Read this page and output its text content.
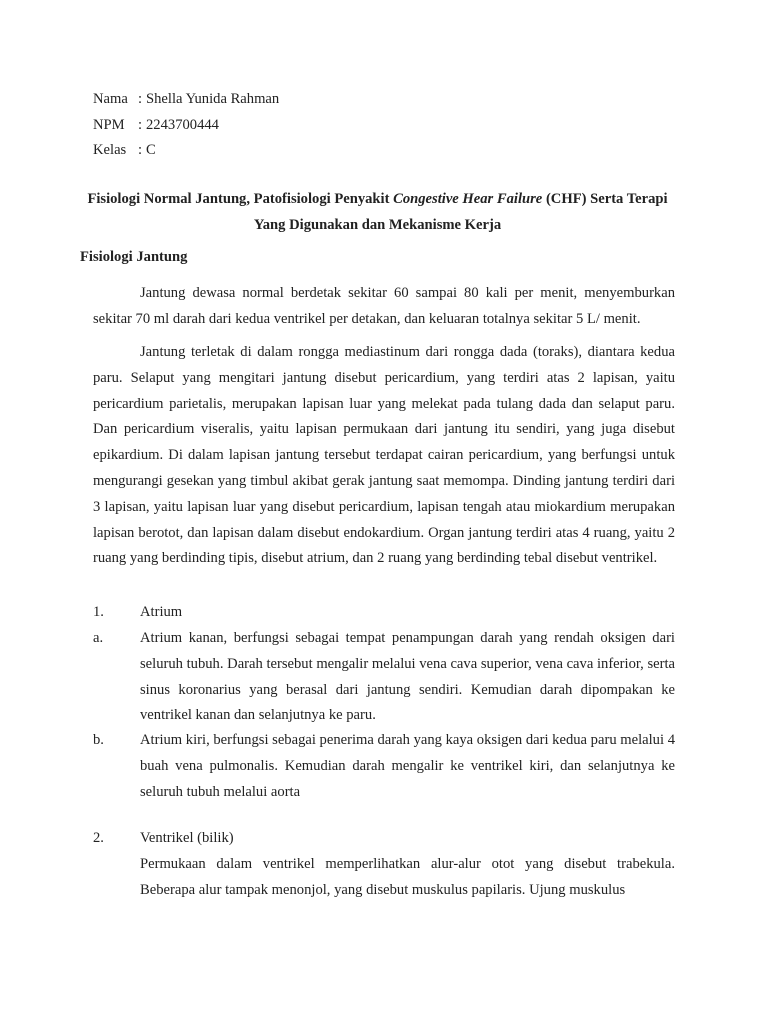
Nama : Shella Yunida Rahman
NPM : 2243700444
Kelas : C
Fisiologi Normal Jantung, Patofisiologi Penyakit Congestive Hear Failure (CHF) Serta Terapi Yang Digunakan dan Mekanisme Kerja
Fisiologi Jantung

Jantung dewasa normal berdetak sekitar 60 sampai 80 kali per menit, menyemburkan sekitar 70 ml darah dari kedua ventrikel per detakan, dan keluaran totalnya sekitar 5 L/ menit.

Jantung terletak di dalam rongga mediastinum dari rongga dada (toraks), diantara kedua paru. Selaput yang mengitari jantung disebut pericardium, yang terdiri atas 2 lapisan, yaitu pericardium parietalis, merupakan lapisan luar yang melekat pada tulang dada dan selaput paru. Dan pericardium viseralis, yaitu lapisan permukaan dari jantung itu sendiri, yang juga disebut epikardium. Di dalam lapisan jantung tersebut terdapat cairan pericardium, yang berfungsi untuk mengurangi gesekan yang timbul akibat gerak jantung saat memompa. Dinding jantung terdiri dari 3 lapisan, yaitu lapisan luar yang disebut pericardium, lapisan tengah atau miokardium merupakan lapisan berotot, dan lapisan dalam disebut endokardium. Organ jantung terdiri atas 4 ruang, yaitu 2 ruang yang berdinding tipis, disebut atrium, dan 2 ruang yang berdinding tebal disebut ventrikel.

1.	Atrium
a.	Atrium kanan, berfungsi sebagai tempat penampungan darah yang rendah oksigen dari seluruh tubuh. Darah tersebut mengalir melalui vena cava superior, vena cava inferior, serta sinus koronarius yang berasal dari jantung sendiri. Kemudian darah dipompakan ke ventrikel kanan dan selanjutnya ke paru.
b.	Atrium kiri, berfungsi sebagai penerima darah yang kaya oksigen dari kedua paru melalui 4 buah vena pulmonalis. Kemudian darah mengalir ke ventrikel kiri, dan selanjutnya ke seluruh tubuh melalui aorta
2.	Ventrikel (bilik)
Permukaan dalam ventrikel memperlihatkan alur-alur otot yang disebut trabekula. Beberapa alur tampak menonjol, yang disebut muskulus papilaris. Ujung muskulus
